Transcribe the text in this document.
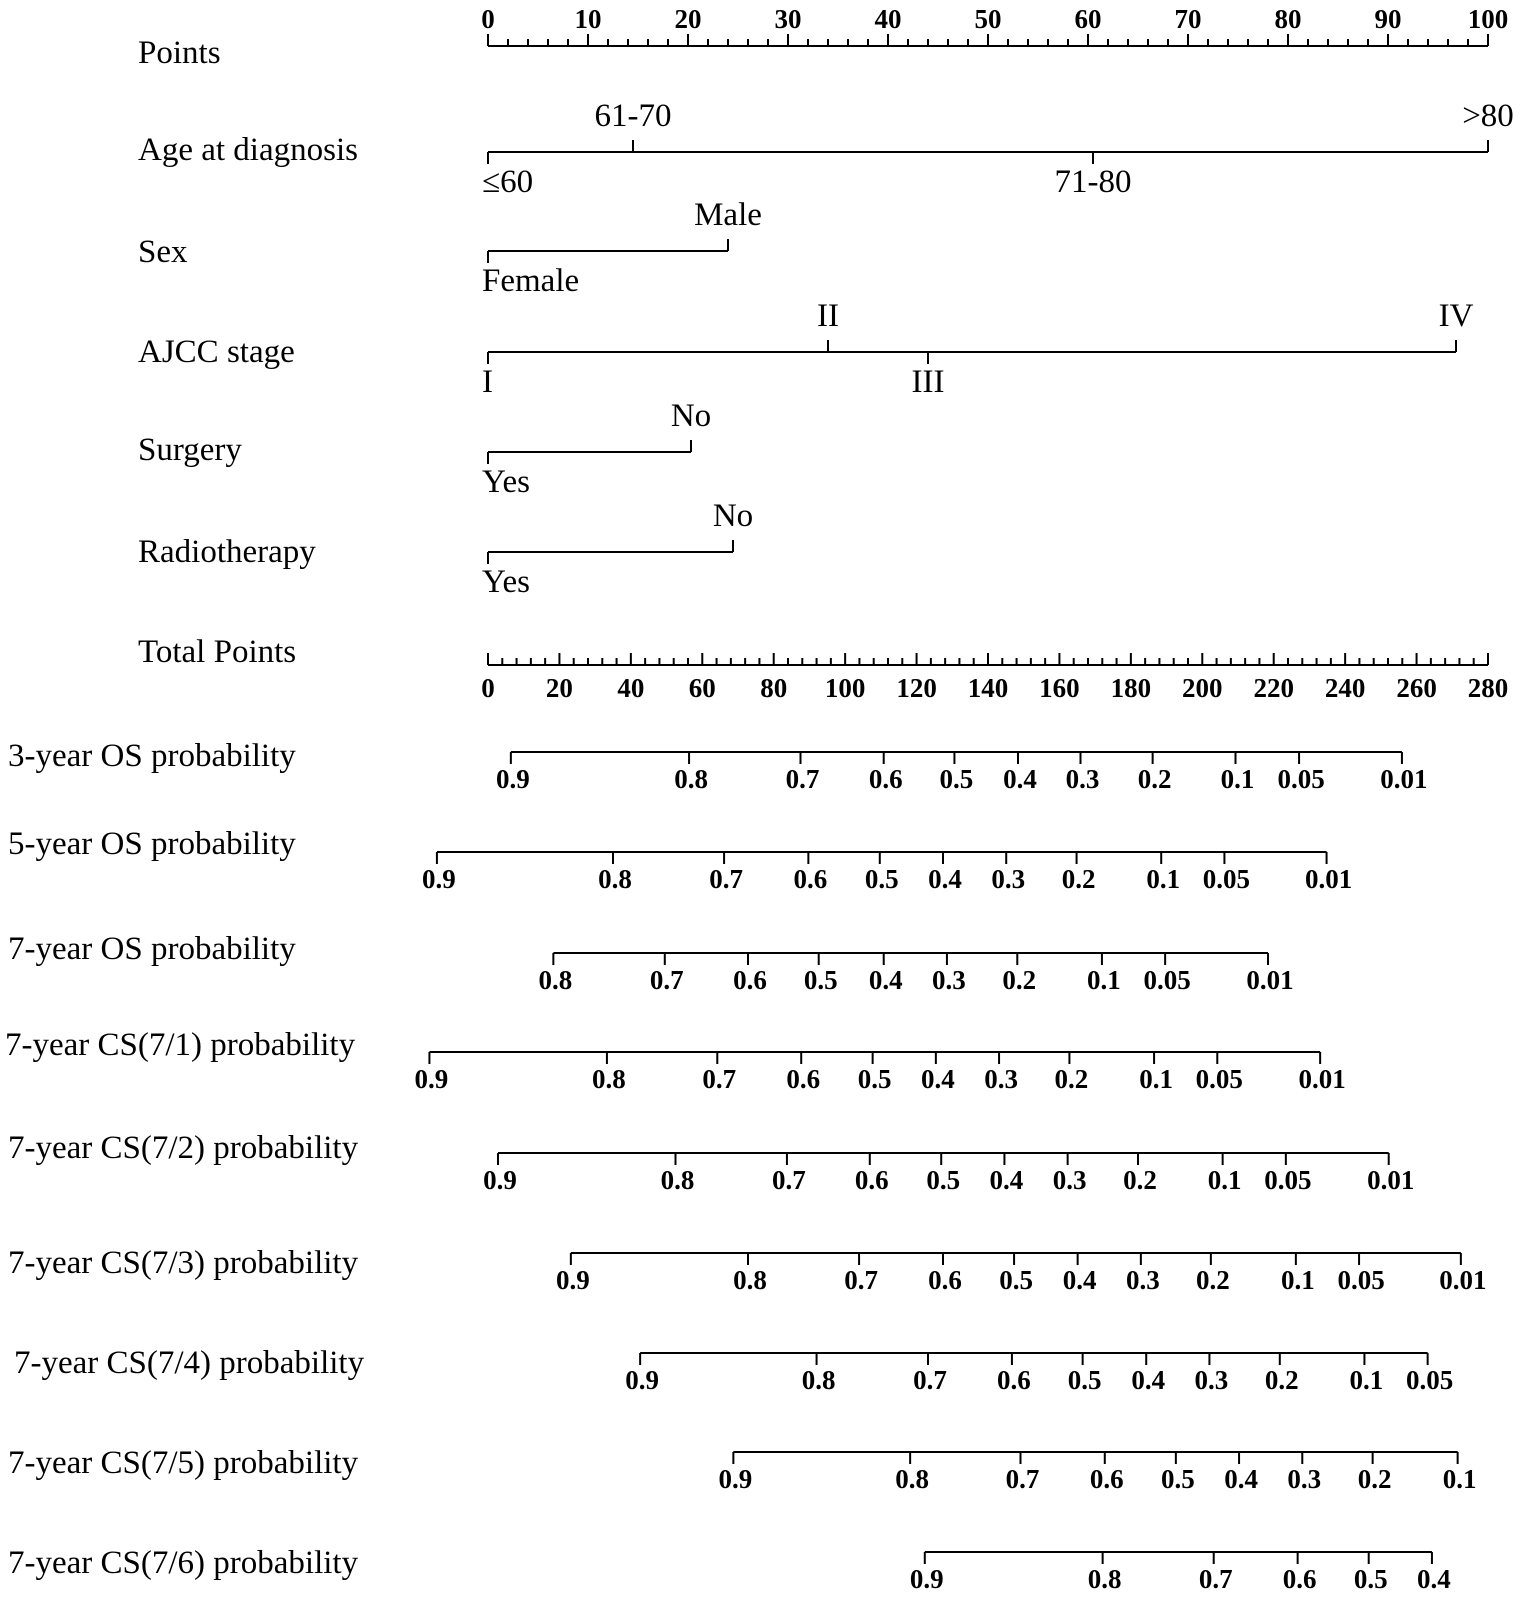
Points
0	10	20	30	40	50	60	70	80	90 100
Age at diagnosis
≤60
61-70
71-80
>80
Sex
Female
Male
AJCC stage
I
II
III
IV
Surgery
Yes
No
Radiotherapy
Yes
No
Total Points
0 20 40 60 80 100 120 140 160 180 200 220 240 260 280
3-year OS probability
0.9	0.8	0.7 0.6 0.5 0.4 0.3 0.2 0.1 0.05 0.01
5-year OS probability
0.9	0.8	0.7 0.6 0.5 0.4 0.3 0.2 0.1 0.05 0.01
7-year OS probability
0.8	0.7 0.6 0.5 0.4 0.3 0.2 0.1 0.05 0.01
7-year CS(7/1) probability
0.9	0.8	0.7 0.6 0.5 0.4 0.3 0.2 0.1 0.05 0.01
7-year CS(7/2) probability
0.9	0.8	0.7 0.6 0.5 0.4 0.3 0.2 0.1 0.05 0.01
7-year CS(7/3) probability	0.9	0.8	0.7 0.6 0.5 0.4 0.3 0.2 0.1 0.05 0.01
7-year CS(7/4) probability	0.9	0.8	0.7 0.6 0.5 0.4 0.3 0.2 0.1 0.05
7-year CS(7/5) probability	0.9	0.8	0.7 0.6 0.5 0.4 0.3 0.2 0.1
7-year CS(7/6) probability	0.9	0.8	0.7 0.6 0.5 0.4
